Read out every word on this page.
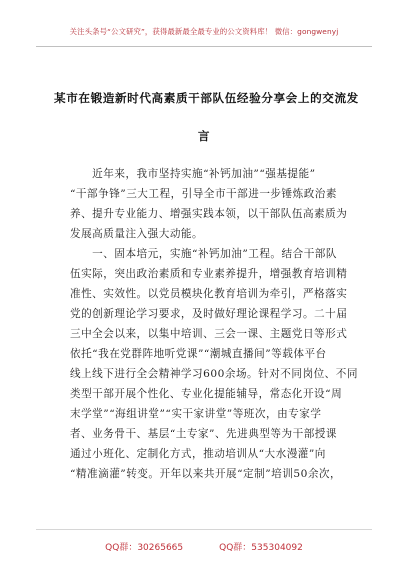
关注头条号“公文研究”，获得最新最全最专业的公文资料库！ 微信：gongwenyj
某市在锻造新时代高素质干部队伍经验分享会上的交流发
言
　　近年来，我市坚持实施“补钙加油”“强基提能”
“干部争锋”三大工程，引导全市干部进一步锤炼政治素
养、提升专业能力、增强实践本领，以干部队伍高素质为
发展高质量注入强大动能。
　　一、固本培元，实施“补钙加油”工程。结合干部队
伍实际，突出政治素质和专业素养提升，增强教育培训精
准性、实效性。以党员模块化教育培训为牵引，严格落实
党的创新理论学习要求，及时做好理论课程学习。二十届
三中全会以来，以集中培训、三会一课、主题党日等形式
依托“我在党群阵地听党课”“潮城直播间”等载体平台
线上线下进行全会精神学习600余场。针对不同岗位、不同
类型干部开展个性化、专业化提能辅导，常态化开设“周
末学堂”“海组讲堂”“实干家讲堂”等班次，由专家学
者、业务骨干、基层“土专家”、先进典型等为干部授课
通过小班化、定制化方式，推动培训从“大水漫灌”向
“精准滴灌”转变。开年以来共开展“定制”培训50余次，
QQ群：30265665	QQ群：535304092
